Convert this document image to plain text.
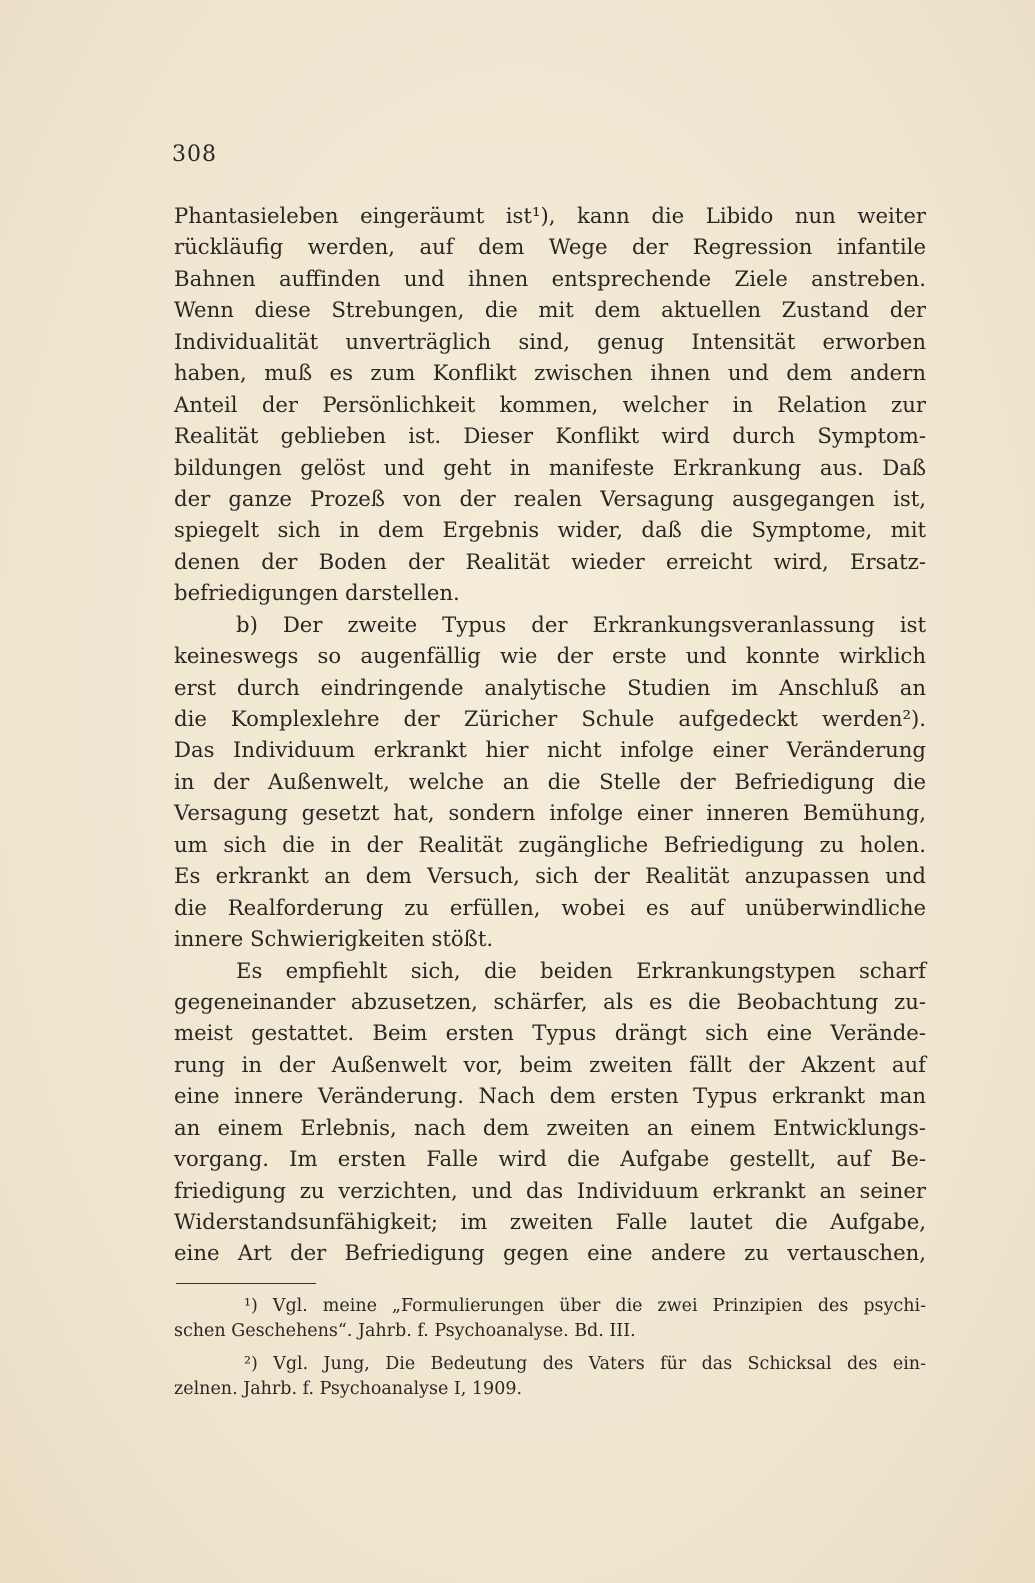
308
Phantasieleben eingeräumt ist¹), kann die Libido nun weiter
rückläufig werden, auf dem Wege der Regression infantile
Bahnen auffinden und ihnen entsprechende Ziele anstreben.
Wenn diese Strebungen, die mit dem aktuellen Zustand der
Individualität unverträglich sind, genug Intensität erworben
haben, muß es zum Konflikt zwischen ihnen und dem andern
Anteil der Persönlichkeit kommen, welcher in Relation zur
Realität geblieben ist. Dieser Konflikt wird durch Symptom-
bildungen gelöst und geht in manifeste Erkrankung aus. Daß
der ganze Prozeß von der realen Versagung ausgegangen ist,
spiegelt sich in dem Ergebnis wider, daß die Symptome, mit
denen der Boden der Realität wieder erreicht wird, Ersatz-
befriedigungen darstellen.
b) Der zweite Typus der Erkrankungsveranlassung ist
keineswegs so augenfällig wie der erste und konnte wirklich
erst durch eindringende analytische Studien im Anschluß an
die Komplexlehre der Züricher Schule aufgedeckt werden²).
Das Individuum erkrankt hier nicht infolge einer Veränderung
in der Außenwelt, welche an die Stelle der Befriedigung die
Versagung gesetzt hat, sondern infolge einer inneren Bemühung,
um sich die in der Realität zugängliche Befriedigung zu holen.
Es erkrankt an dem Versuch, sich der Realität anzupassen und
die Realforderung zu erfüllen, wobei es auf unüberwindliche
innere Schwierigkeiten stößt.
Es empfiehlt sich, die beiden Erkrankungstypen scharf
gegeneinander abzusetzen, schärfer, als es die Beobachtung zu-
meist gestattet. Beim ersten Typus drängt sich eine Verände-
rung in der Außenwelt vor, beim zweiten fällt der Akzent auf
eine innere Veränderung. Nach dem ersten Typus erkrankt man
an einem Erlebnis, nach dem zweiten an einem Entwicklungs-
vorgang. Im ersten Falle wird die Aufgabe gestellt, auf Be-
friedigung zu verzichten, und das Individuum erkrankt an seiner
Widerstandsunfähigkeit; im zweiten Falle lautet die Aufgabe,
eine Art der Befriedigung gegen eine andere zu vertauschen,
¹) Vgl. meine „Formulierungen über die zwei Prinzipien des psychi-
schen Geschehens“. Jahrb. f. Psychoanalyse. Bd. III.
²) Vgl. Jung, Die Bedeutung des Vaters für das Schicksal des ein-
zelnen. Jahrb. f. Psychoanalyse I, 1909.
